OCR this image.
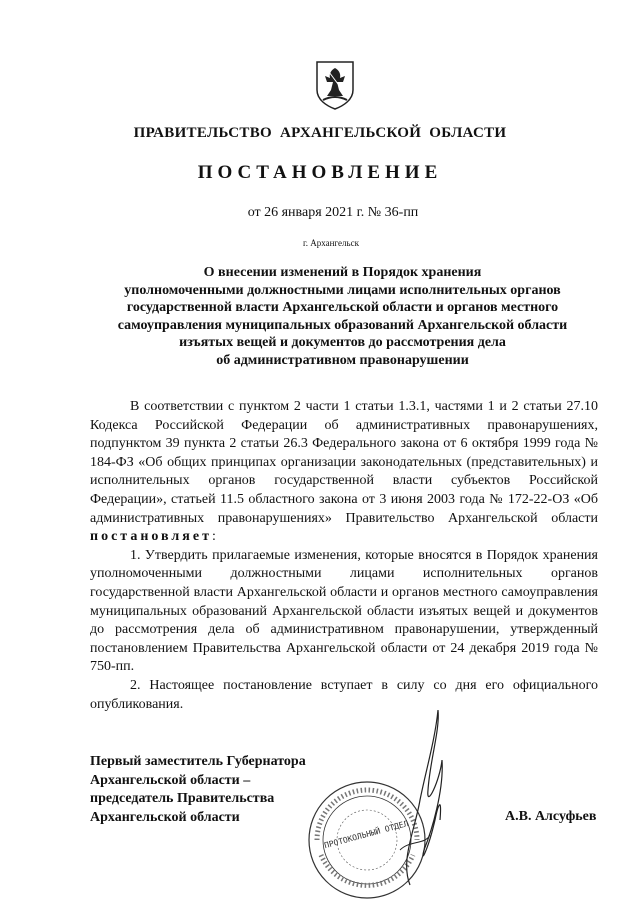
ПРАВИТЕЛЬСТВО АРХАНГЕЛЬСКОЙ ОБЛАСТИ
ПОСТАНОВЛЕНИЕ
от 26 января 2021 г. № 36-пп
г. Архангельск
О внесении изменений в Порядок хранения
уполномоченными должностными лицами исполнительных органов
государственной власти Архангельской области и органов местного
самоуправления муниципальных образований Архангельской области
изъятых вещей и документов до рассмотрения дела
об административном правонарушении

В соответствии с пунктом 2 части 1 статьи 1.3.1, частями 1 и 2 статьи 27.10 Кодекса Российской Федерации об административных правонарушениях, подпунктом 39 пункта 2 статьи 26.3 Федерального закона от 6 октября 1999 года № 184-ФЗ «Об общих принципах организации законодательных (представительных) и исполнительных органов государственной власти субъектов Российской Федерации», статьей 11.5 областного закона от 3 июня 2003 года № 172-22-ОЗ «Об административных правонарушениях» Правительство Архангельской области постановляет:

1. Утвердить прилагаемые изменения, которые вносятся в Порядок хранения уполномоченными должностными лицами исполнительных органов государственной власти Архангельской области и органов местного самоуправления муниципальных образований Архангельской области изъятых вещей и документов до рассмотрения дела об административном правонарушении, утвержденный постановлением Правительства Архангельской области от 24 декабря 2019 года № 750-пп.

2. Настоящее постановление вступает в силу со дня его официального опубликования.

Первый заместитель Губернатора
Архангельской области –
председатель Правительства
Архангельской области
ПРОТОКОЛЬНЫЙ ОТДЕЛ
А.В. Алсуфьев
